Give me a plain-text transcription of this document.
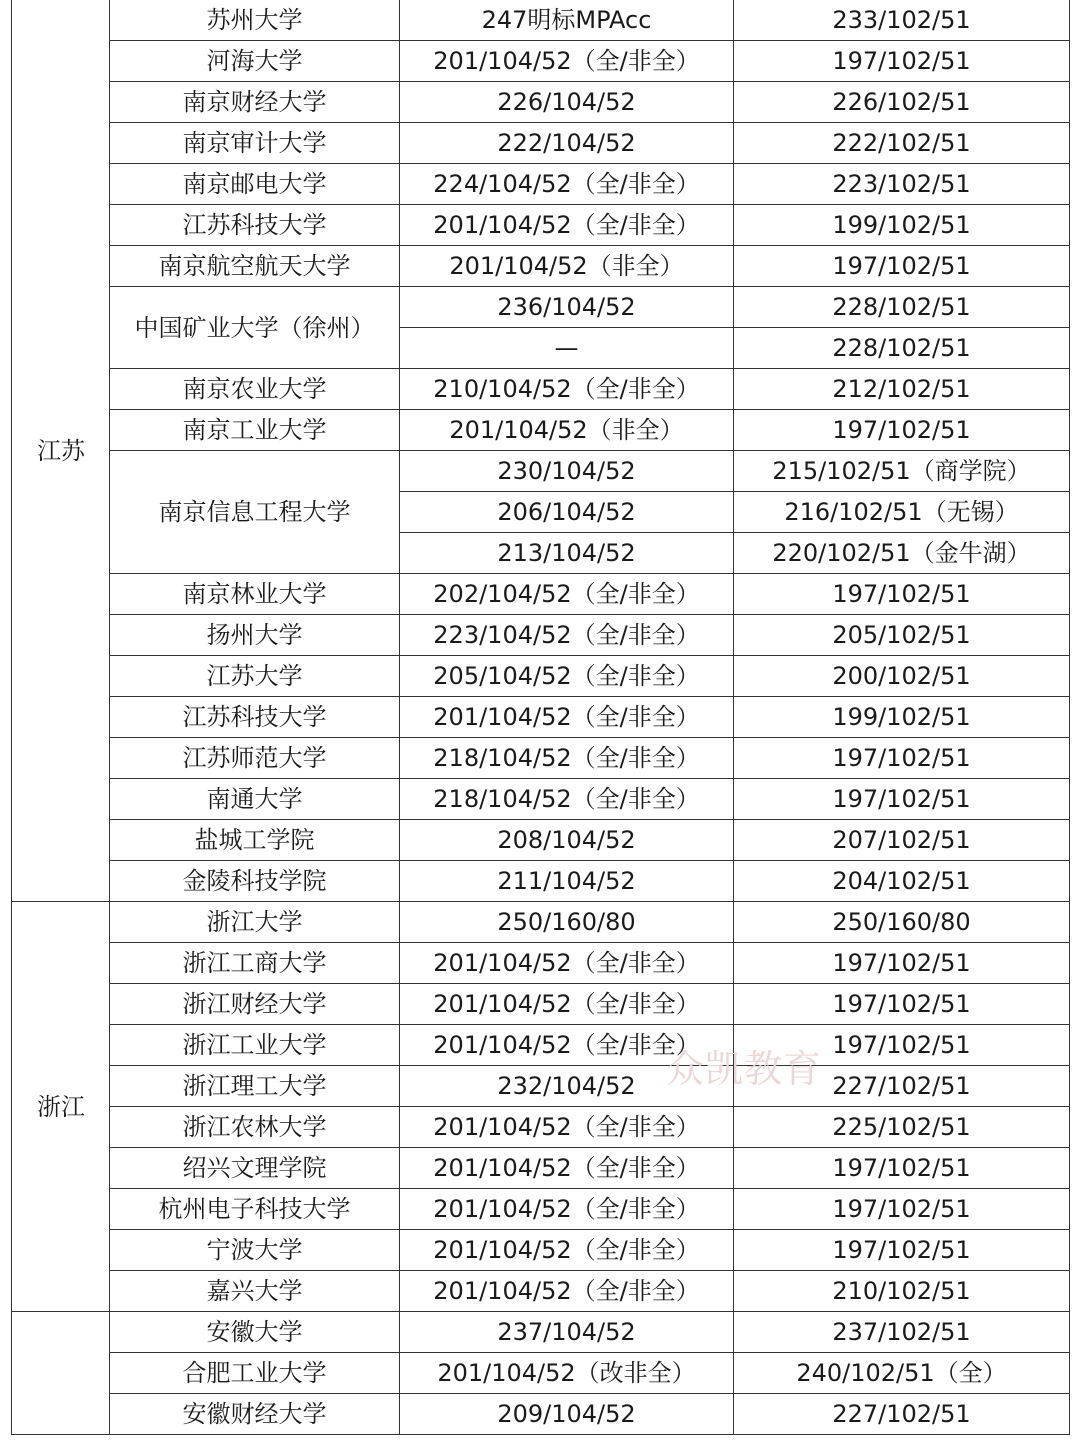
江苏	苏州大学	247明标MPAcc	233/102/51
	河海大学	201/104/52（全/非全）	197/102/51
	南京财经大学	226/104/52	226/102/51
	南京审计大学	222/104/52	222/102/51
	南京邮电大学	224/104/52（全/非全）	223/102/51
	江苏科技大学	201/104/52（全/非全）	199/102/51
	南京航空航天大学	201/104/52（非全）	197/102/51
	中国矿业大学（徐州）	236/104/52	228/102/51
		—	228/102/51
	南京农业大学	210/104/52（全/非全）	212/102/51
	南京工业大学	201/104/52（非全）	197/102/51
	南京信息工程大学	230/104/52	215/102/51（商学院）
		206/104/52	216/102/51（无锡）
		213/104/52	220/102/51（金牛湖）
	南京林业大学	202/104/52（全/非全）	197/102/51
	扬州大学	223/104/52（全/非全）	205/102/51
	江苏大学	205/104/52（全/非全）	200/102/51
	江苏科技大学	201/104/52（全/非全）	199/102/51
	江苏师范大学	218/104/52（全/非全）	197/102/51
	南通大学	218/104/52（全/非全）	197/102/51
	盐城工学院	208/104/52	207/102/51
	金陵科技学院	211/104/52	204/102/51
浙江	浙江大学	250/160/80	250/160/80
	浙江工商大学	201/104/52（全/非全）	197/102/51
	浙江财经大学	201/104/52（全/非全）	197/102/51
	浙江工业大学	201/104/52（全/非全）	197/102/51
	浙江理工大学	232/104/52	227/102/51
	浙江农林大学	201/104/52（全/非全）	225/102/51
	绍兴文理学院	201/104/52（全/非全）	197/102/51
	杭州电子科技大学	201/104/52（全/非全）	197/102/51
	宁波大学	201/104/52（全/非全）	197/102/51
	嘉兴大学	201/104/52（全/非全）	210/102/51
	安徽大学	237/104/52	237/102/51
	合肥工业大学	201/104/52（改非全）	240/102/51（全）
	安徽财经大学	209/104/52	227/102/51
众凯教育
